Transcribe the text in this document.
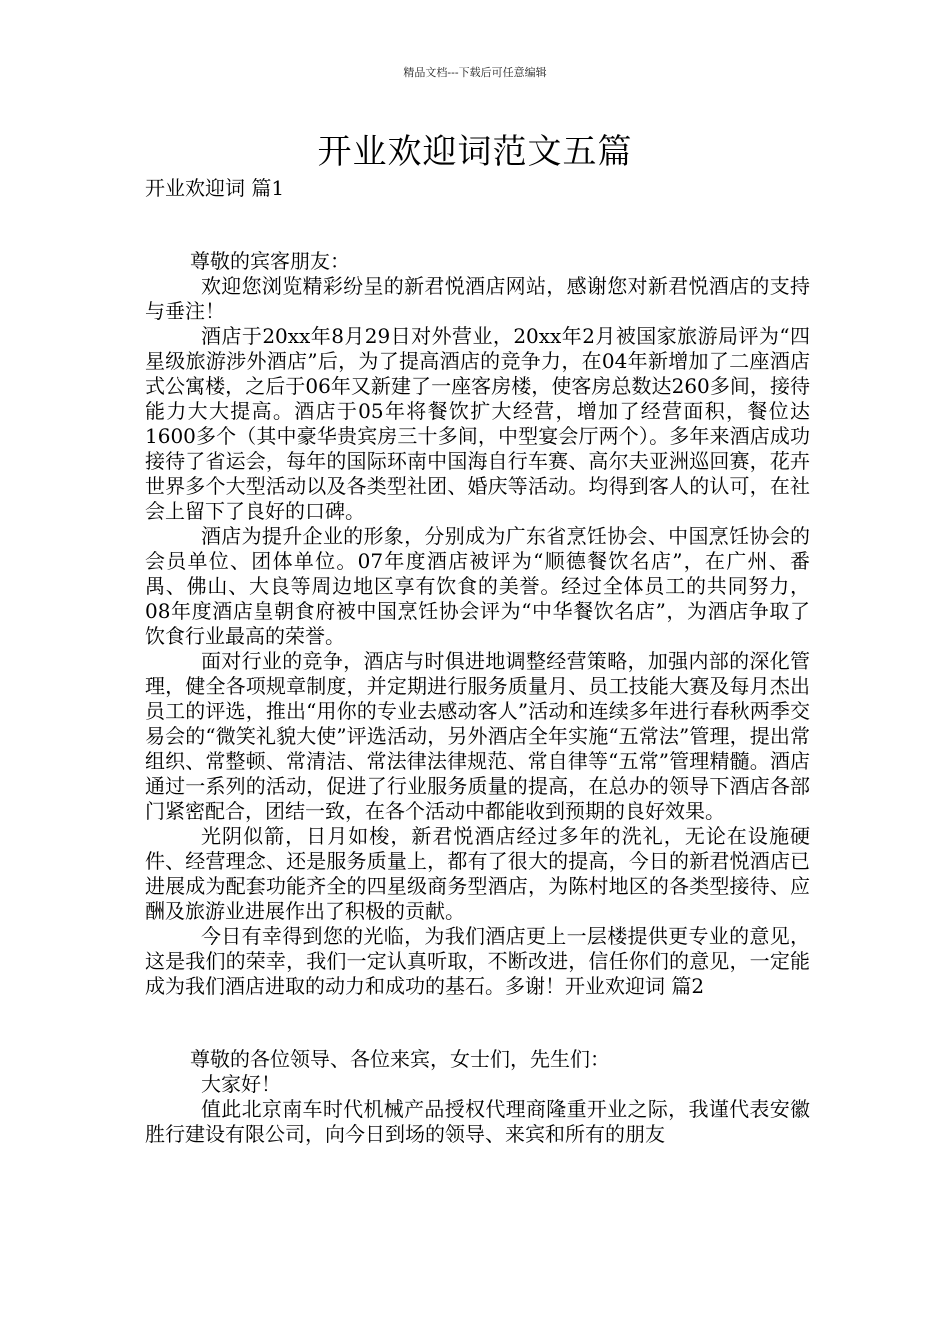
精品文档---下载后可任意编辑
开业欢迎词范文五篇

开业欢迎词 篇1

尊敬的宾客朋友：

欢迎您浏览精彩纷呈的新君悦酒店网站，感谢您对新君悦酒店的支持与垂注！

酒店于20xx年8月29日对外营业，20xx年2月被国家旅游局评为“四星级旅游涉外酒店”后，为了提高酒店的竞争力，在04年新增加了二座酒店式公寓楼，之后于06年又新建了一座客房楼，使客房总数达260多间，接待能力大大提高。酒店于05年将餐饮扩大经营，增加了经营面积，餐位达1600多个（其中豪华贵宾房三十多间，中型宴会厅两个）。多年来酒店成功接待了省运会，每年的国际环南中国海自行车赛、高尔夫亚洲巡回赛，花卉世界多个大型活动以及各类型社团、婚庆等活动。均得到客人的认可，在社会上留下了良好的口碑。

酒店为提升企业的形象，分别成为广东省烹饪协会、中国烹饪协会的会员单位、团体单位。07年度酒店被评为“顺德餐饮名店”，在广州、番禺、佛山、大良等周边地区享有饮食的美誉。经过全体员工的共同努力，08年度酒店皇朝食府被中国烹饪协会评为“中华餐饮名店”，为酒店争取了饮食行业最高的荣誉。

面对行业的竞争，酒店与时俱进地调整经营策略，加强内部的深化管理，健全各项规章制度，并定期进行服务质量月、员工技能大赛及每月杰出员工的评选，推出“用你的专业去感动客人”活动和连续多年进行春秋两季交易会的“微笑礼貌大使”评选活动，另外酒店全年实施“五常法”管理，提出常组织、常整顿、常清洁、常法律法律规范、常自律等“五常”管理精髓。酒店通过一系列的活动，促进了行业服务质量的提高，在总办的领导下酒店各部门紧密配合，团结一致，在各个活动中都能收到预期的良好效果。

光阴似箭，日月如梭，新君悦酒店经过多年的洗礼，无论在设施硬件、经营理念、还是服务质量上，都有了很大的提高，今日的新君悦酒店已进展成为配套功能齐全的四星级商务型酒店，为陈村地区的各类型接待、应酬及旅游业进展作出了积极的贡献。

今日有幸得到您的光临，为我们酒店更上一层楼提供更专业的意见，这是我们的荣幸，我们一定认真听取，不断改进，信任你们的意见，一定能成为我们酒店进取的动力和成功的基石。多谢！开业欢迎词 篇2

尊敬的各位领导、各位来宾，女士们，先生们：

大家好！

值此北京南车时代机械产品授权代理商隆重开业之际，我谨代表安徽胜行建设有限公司，向今日到场的领导、来宾和所有的朋友
